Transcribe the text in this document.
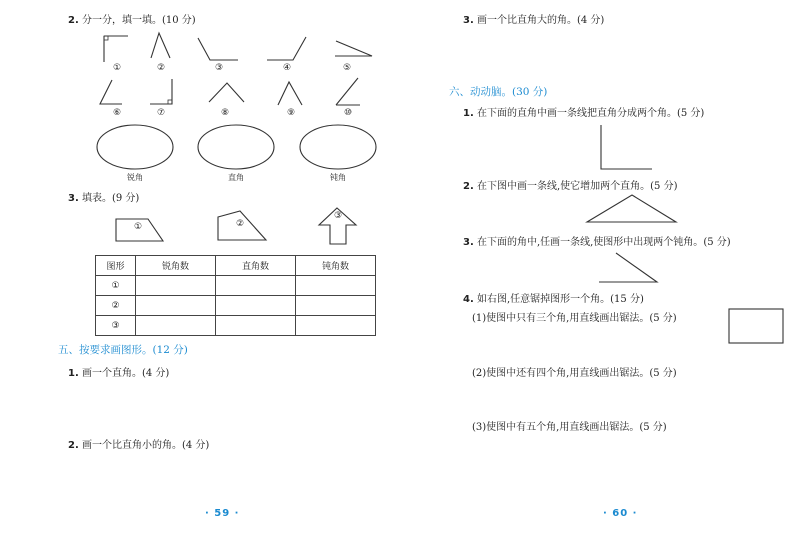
2. 分一分，填一填。(10 分)
①	②	③	④	⑤
⑥	⑦	⑧	⑨	⑩
锐角	直角	钝角
3. 填表。(9 分)
①	②
③
图形	锐角数	直角数	钝角数
①			
②			
③			
五、按要求画图形。(12 分)
1. 画一个直角。(4 分)
2. 画一个比直角小的角。(4 分)
· 59 ·
3. 画一个比直角大的角。(4 分)
六、动动脑。(30 分)
1. 在下面的直角中画一条线把直角分成两个角。(5 分)
2. 在下图中画一条线,使它增加两个直角。(5 分)
3. 在下面的角中,任画一条线,使图形中出现两个钝角。(5 分)
4. 如右图,任意锯掉图形一个角。(15 分)
(1)使图中只有三个角,用直线画出锯法。(5 分)
(2)使图中还有四个角,用直线画出锯法。(5 分)
(3)使图中有五个角,用直线画出锯法。(5 分)
· 60 ·
